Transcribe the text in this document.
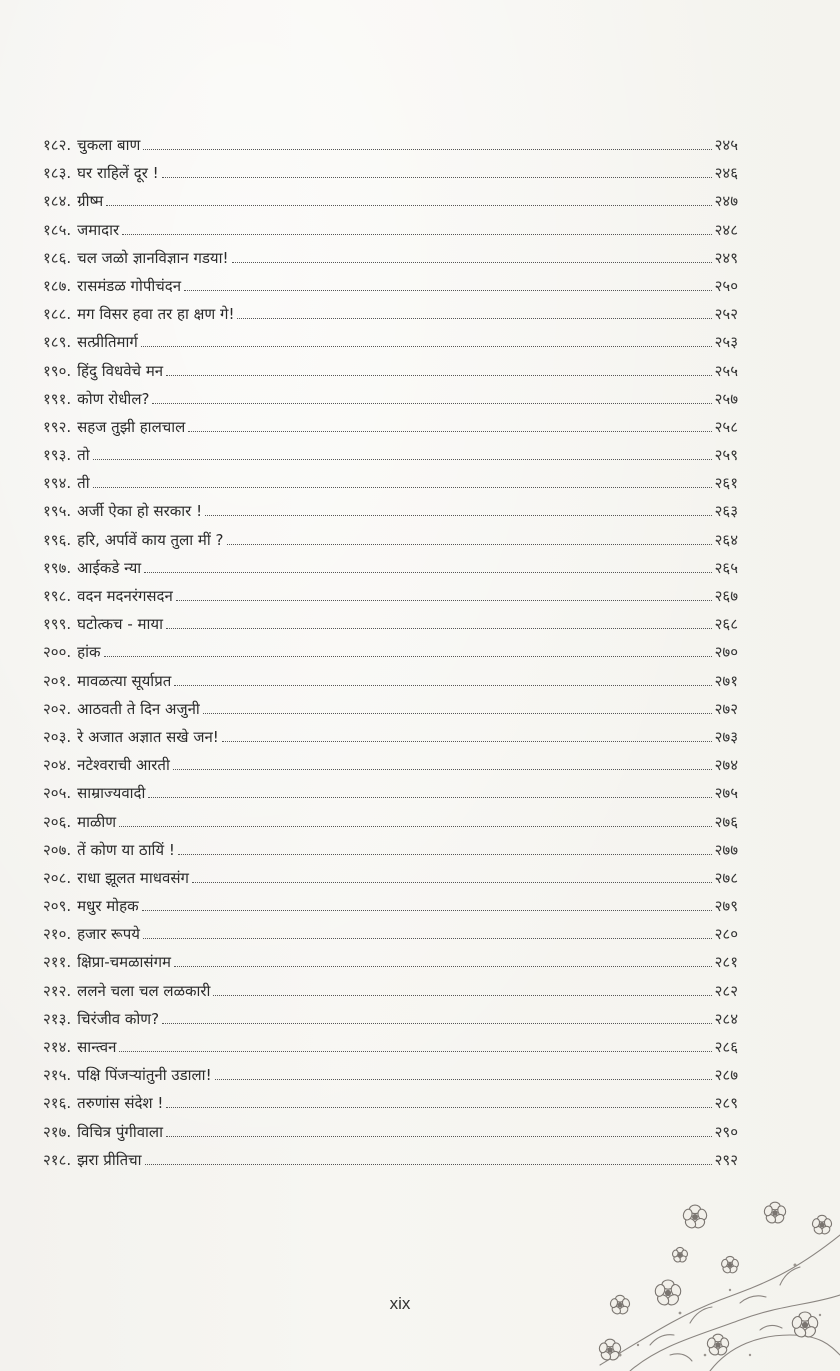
१८२. चुकला बाण	२४५
१८३. घर राहिलें दूर !	२४६
१८४. ग्रीष्म	२४७
१८५. जमादार	२४८
१८६. चल जळो ज्ञानविज्ञान गडया!	२४९
१८७. रासमंडळ गोपीचंदन	२५०
१८८. मग विसर हवा तर हा क्षण गे!	२५२
१८९. सत्प्रीतिमार्ग	२५३
१९०. हिंदु विधवेचे मन	२५५
१९१. कोण रोधील?	२५७
१९२. सहज तुझी हालचाल	२५८
१९३. तो	२५९
१९४. ती	२६१
१९५. अर्जी ऐका हो सरकार !	२६३
१९६. हरि, अर्पावें काय तुला मीं ?	२६४
१९७. आईकडे न्या	२६५
१९८. वदन मदनरंगसदन	२६७
१९९. घटोत्कच - माया	२६८
२००. हांक	२७०
२०१. मावळत्या सूर्याप्रत	२७१
२०२. आठवती ते दिन अजुनी	२७२
२०३. रे अजात अज्ञात सखे जन!	२७३
२०४. नटेश्वराची आरती	२७४
२०५. साम्राज्यवादी	२७५
२०६. माळीण	२७६
२०७. तें कोण या ठायिं !	२७७
२०८. राधा झूलत माधवसंग	२७८
२०९. मधुर मोहक	२७९
२१०. हजार रूपये	२८०
२११. क्षिप्रा-चमळासंगम	२८१
२१२. ललने चला चल लळकारी	२८२
२१३. चिरंजीव कोण?	२८४
२१४. सान्त्वन	२८६
२१५. पक्षि पिंजऱ्यांतुनी उडाला!	२८७
२१६. तरुणांस संदेश !	२८९
२१७. विचित्र पुंगीवाला	२९०
२१८. झरा प्रीतिचा	२९२
xix
